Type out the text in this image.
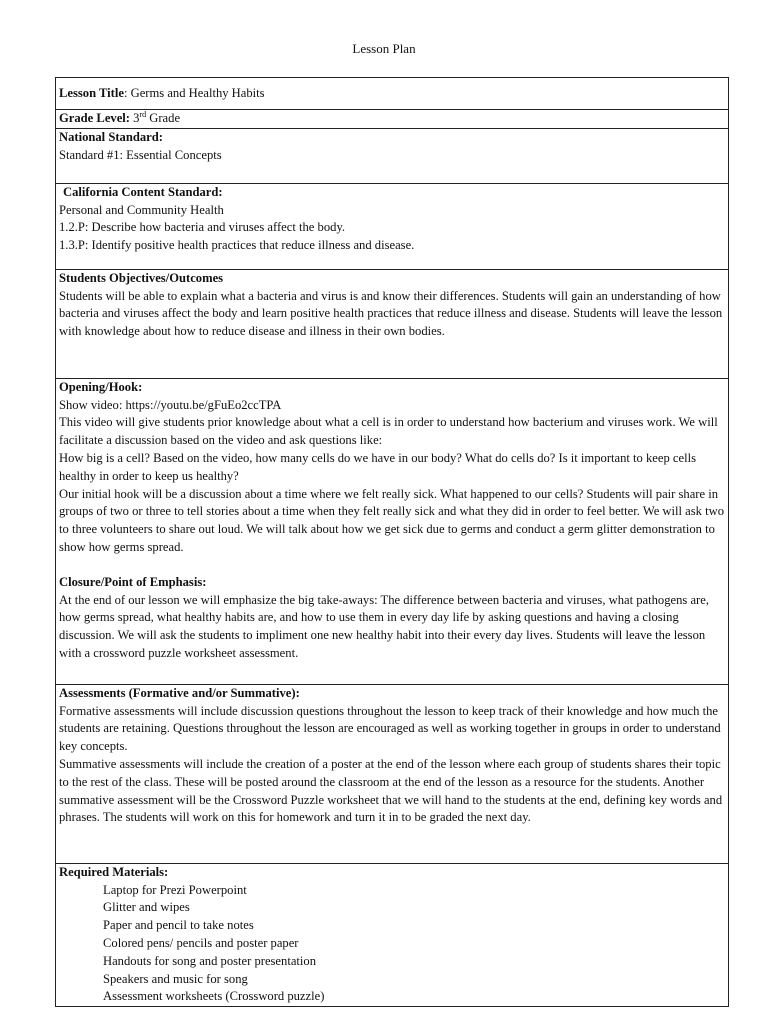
Lesson Plan
Lesson Title: Germs and Healthy Habits
Grade Level: 3rd Grade

National Standard:

Standard #1: Essential Concepts

California Content Standard:

Personal and Community Health

1.2.P: Describe how bacteria and viruses affect the body.

1.3.P: Identify positive health practices that reduce illness and disease.

Students Objectives/Outcomes

Students will be able to explain what a bacteria and virus is and know their differences. Students will gain an understanding of how bacteria and viruses affect the body and learn positive health practices that reduce illness and disease. Students will leave the lesson with knowledge about how to reduce disease and illness in their own bodies.

Opening/Hook:

Show video: https://youtu.be/gFuEo2ccTPA

This video will give students prior knowledge about what a cell is in order to understand how bacterium and viruses work. We will facilitate a discussion based on the video and ask questions like:

How big is a cell? Based on the video, how many cells do we have in our body? What do cells do? Is it important to keep cells healthy in order to keep us healthy?

Our initial hook will be a discussion about a time where we felt really sick. What happened to our cells? Students will pair share in groups of two or three to tell stories about a time when they felt really sick and what they did in order to feel better. We will ask two to three volunteers to share out loud. We will talk about how we get sick due to germs and conduct a germ glitter demonstration to show how germs spread.

Closure/Point of Emphasis:

At the end of our lesson we will emphasize the big take-aways: The difference between bacteria and viruses, what pathogens are, how germs spread, what healthy habits are, and how to use them in every day life by asking questions and having a closing discussion. We will ask the students to impliment one new healthy habit into their every day lives. Students will leave the lesson with a crossword puzzle worksheet assessment.

Assessments (Formative and/or Summative):

Formative assessments will include discussion questions throughout the lesson to keep track of their knowledge and how much the students are retaining. Questions throughout the lesson are encouraged as well as working together in groups in order to understand key concepts.

Summative assessments will include the creation of a poster at the end of the lesson where each group of students shares their topic to the rest of the class. These will be posted around the classroom at the end of the lesson as a resource for the students. Another summative assessment will be the Crossword Puzzle worksheet that we will hand to the students at the end, defining key words and phrases. The students will work on this for homework and turn it in to be graded the next day.

Required Materials:

Laptop for Prezi Powerpoint
Glitter and wipes
Paper and pencil to take notes
Colored pens/ pencils and poster paper
Handouts for song and poster presentation
Speakers and music for song
Assessment worksheets (Crossword puzzle)
